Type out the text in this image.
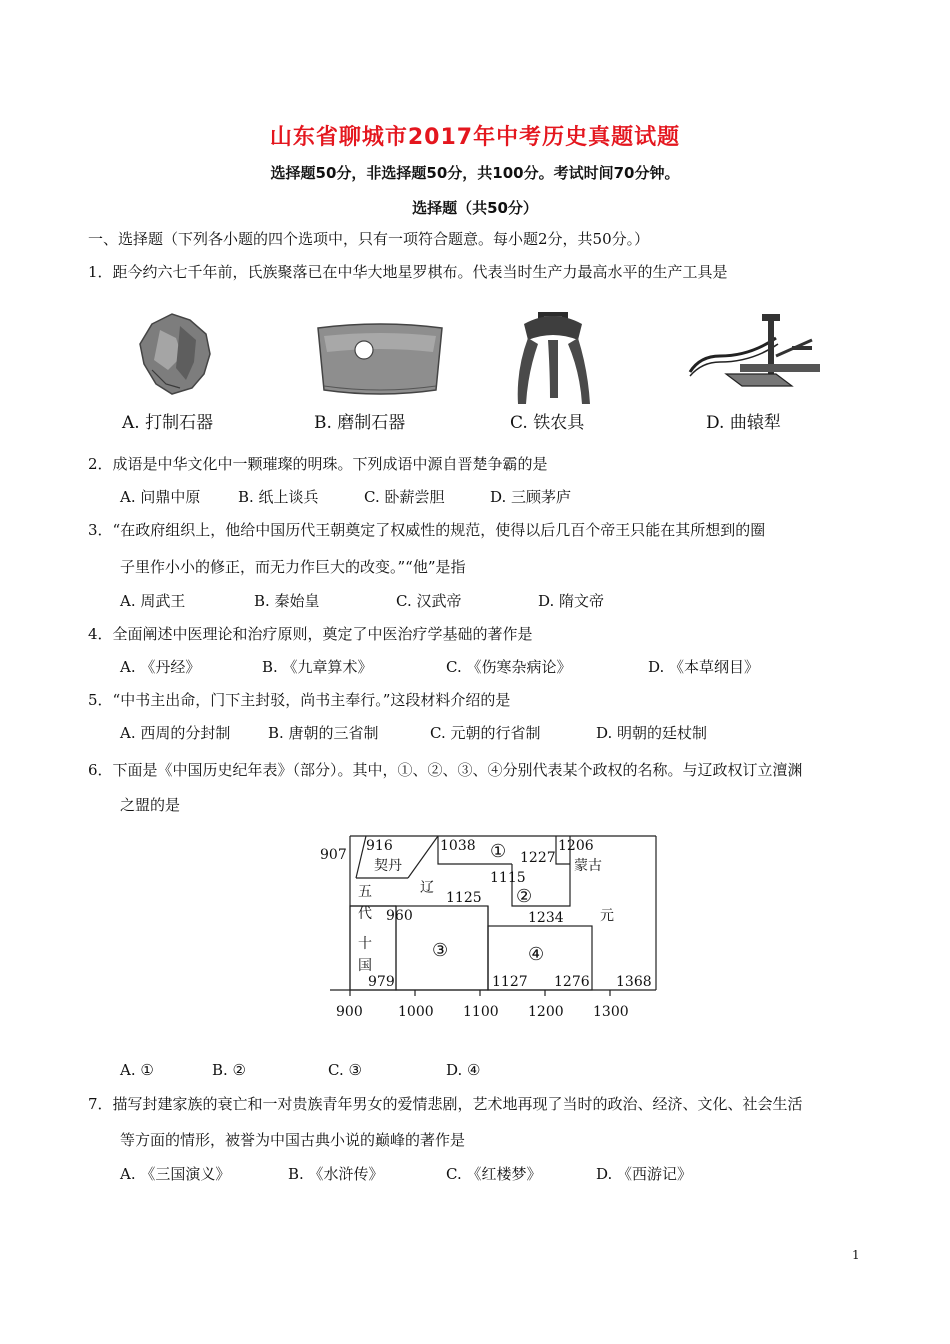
山东省聊城市2017年中考历史真题试题
选择题50分，非选择题50分，共100分。考试时间70分钟。
选择题（共50分）
一、选择题（下列各小题的四个选项中，只有一项符合题意。每小题2分，共50分。）
1．距今约六七千年前，氏族聚落已在中华大地星罗棋布。代表当时生产力最高水平的生产工具是
A. 打制石器	B. 磨制石器	C. 铁农具	D. 曲辕犁
2．成语是中华文化中一颗璀璨的明珠。下列成语中源自晋楚争霸的是
A. 问鼎中原	B. 纸上谈兵	C. 卧薪尝胆	D. 三顾茅庐
3．“在政府组织上，他给中国历代王朝奠定了权威性的规范，使得以后几百个帝王只能在其所想到的圈
子里作小小的修正，而无力作巨大的改变。”“他”是指
A. 周武王	B. 秦始皇	C. 汉武帝	D. 隋文帝
4．全面阐述中医理论和治疗原则，奠定了中医治疗学基础的著作是
A. 《丹经》	B. 《九章算术》	C. 《伤寒杂病论》	D. 《本草纲目》
5．“中书主出命，门下主封驳，尚书主奉行。”这段材料介绍的是
A. 西周的分封制	B. 唐朝的三省制	C. 元朝的行省制	D. 明朝的廷杖制
6．下面是《中国历史纪年表》（部分）。其中，①、②、③、④分别代表某个政权的名称。与辽政权订立澶渊
之盟的是
907
916
契丹
1038 ①	1206
1227 蒙古
辽
1115
1125 ②
五
代 960	1234	元
十
国
③	④
979	1127 1276 1368
900	1000 1100 1200 1300
A. ①	B. ②	C. ③	D. ④
7．描写封建家族的衰亡和一对贵族青年男女的爱情悲剧，艺术地再现了当时的政治、经济、文化、社会生活
等方面的情形，被誉为中国古典小说的巅峰的著作是
A. 《三国演义》	B. 《水浒传》	C. 《红楼梦》	D. 《西游记》
1
